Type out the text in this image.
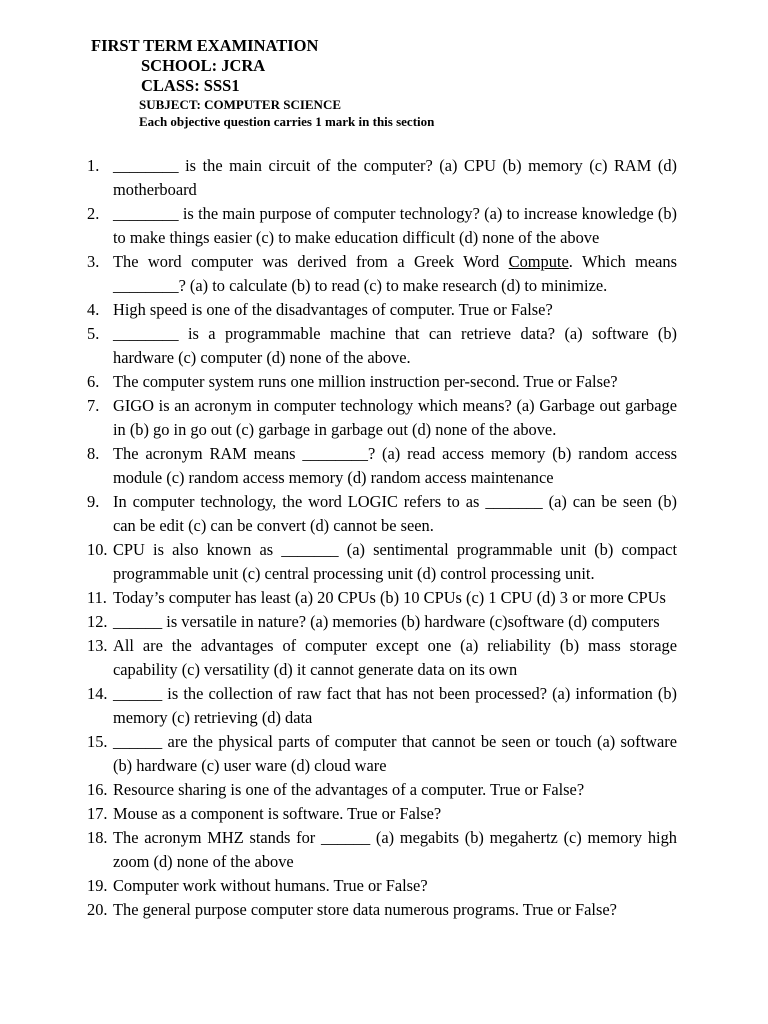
FIRST TERM EXAMINATION
SCHOOL: JCRA
CLASS: SSS1
SUBJECT: COMPUTER SCIENCE
Each objective question carries 1 mark in this section
1. ________ is the main circuit of the computer? (a) CPU (b) memory (c) RAM (d) motherboard
2. ________ is the main purpose of computer technology? (a) to increase knowledge (b) to make things easier (c) to make education difficult (d) none of the above
3. The word computer was derived from a Greek Word Compute. Which means ________? (a) to calculate (b) to read (c) to make research (d) to minimize.
4. High speed is one of the disadvantages of computer. True or False?
5. ________ is a programmable machine that can retrieve data? (a) software (b) hardware (c) computer (d) none of the above.
6. The computer system runs one million instruction per-second. True or False?
7. GIGO is an acronym in computer technology which means? (a) Garbage out garbage in (b) go in go out (c) garbage in garbage out (d) none of the above.
8. The acronym RAM means ________? (a) read access memory (b) random access module (c) random access memory (d) random access maintenance
9. In computer technology, the word LOGIC refers to as _______ (a) can be seen (b) can be edit (c) can be convert (d) cannot be seen.
10. CPU is also known as _______ (a) sentimental programmable unit (b) compact programmable unit (c) central processing unit (d) control processing unit.
11. Today’s computer has least (a) 20 CPUs (b) 10 CPUs (c) 1 CPU (d) 3 or more CPUs
12. ______ is versatile in nature? (a) memories (b) hardware (c)software (d) computers
13. All are the advantages of computer except one (a) reliability (b) mass storage capability (c) versatility (d) it cannot generate data on its own
14. ______ is the collection of raw fact that has not been processed? (a) information (b) memory (c) retrieving (d) data
15. ______ are the physical parts of computer that cannot be seen or touch (a) software (b) hardware (c) user ware (d) cloud ware
16. Resource sharing is one of the advantages of a computer. True or False?
17. Mouse as a component is software. True or False?
18. The acronym MHZ stands for ______ (a) megabits (b) megahertz (c) memory high zoom (d) none of the above
19. Computer work without humans. True or False?
20. The general purpose computer store data numerous programs. True or False?
